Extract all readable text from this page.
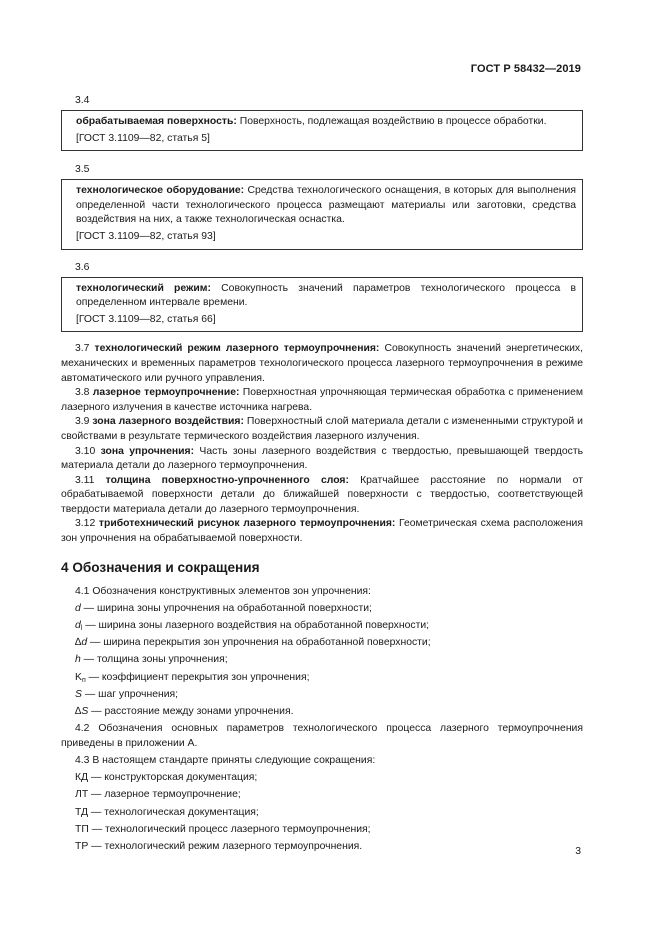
ГОСТ Р 58432—2019
3.4

обрабатываемая поверхность: Поверхность, подлежащая воздействию в процессе обработки.

[ГОСТ 3.1109—82, статья 5]

3.5

технологическое оборудование: Средства технологического оснащения, в которых для выполнения определенной части технологического процесса размещают материалы или заготовки, средства воздействия на них, а также технологическая оснастка.

[ГОСТ 3.1109—82, статья 93]

3.6

технологический режим: Совокупность значений параметров технологического процесса в определенном интервале времени.

[ГОСТ 3.1109—82, статья 66]

3.7 технологический режим лазерного термоупрочнения: Совокупность значений энергетических, механических и временных параметров технологического процесса лазерного термоупрочнения в режиме автоматического или ручного управления.

3.8 лазерное термоупрочнение: Поверхностная упрочняющая термическая обработка с применением лазерного излучения в качестве источника нагрева.

3.9 зона лазерного воздействия: Поверхностный слой материала детали с измененными структурой и свойствами в результате термического воздействия лазерного излучения.

3.10 зона упрочнения: Часть зоны лазерного воздействия с твердостью, превышающей твердость материала детали до лазерного термоупрочнения.

3.11 толщина поверхностно-упрочненного слоя: Кратчайшее расстояние по нормали от обрабатываемой поверхности детали до ближайшей поверхности с твердостью, соответствующей твердости материала детали до лазерного термоупрочнения.

3.12 триботехнический рисунок лазерного термоупрочнения: Геометрическая схема расположения зон упрочнения на обрабатываемой поверхности.

4 Обозначения и сокращения

4.1 Обозначения конструктивных элементов зон упрочнения:

d — ширина зоны упрочнения на обработанной поверхности;

$d_l$ — ширина зоны лазерного воздействия на обработанной поверхности;

∆d — ширина перекрытия зон упрочнения на обработанной поверхности;

h — толщина зоны упрочнения;

$K_п$ — коэффициент перекрытия зон упрочнения;

S — шаг упрочнения;

∆S — расстояние между зонами упрочнения.

4.2 Обозначения основных параметров технологического процесса лазерного термоупрочнения приведены в приложении А.

4.3 В настоящем стандарте приняты следующие сокращения:

КД — конструкторская документация;

ЛТ — лазерное термоупрочнение;

ТД — технологическая документация;

ТП — технологический процесс лазерного термоупрочнения;

ТР — технологический режим лазерного термоупрочнения.	3
